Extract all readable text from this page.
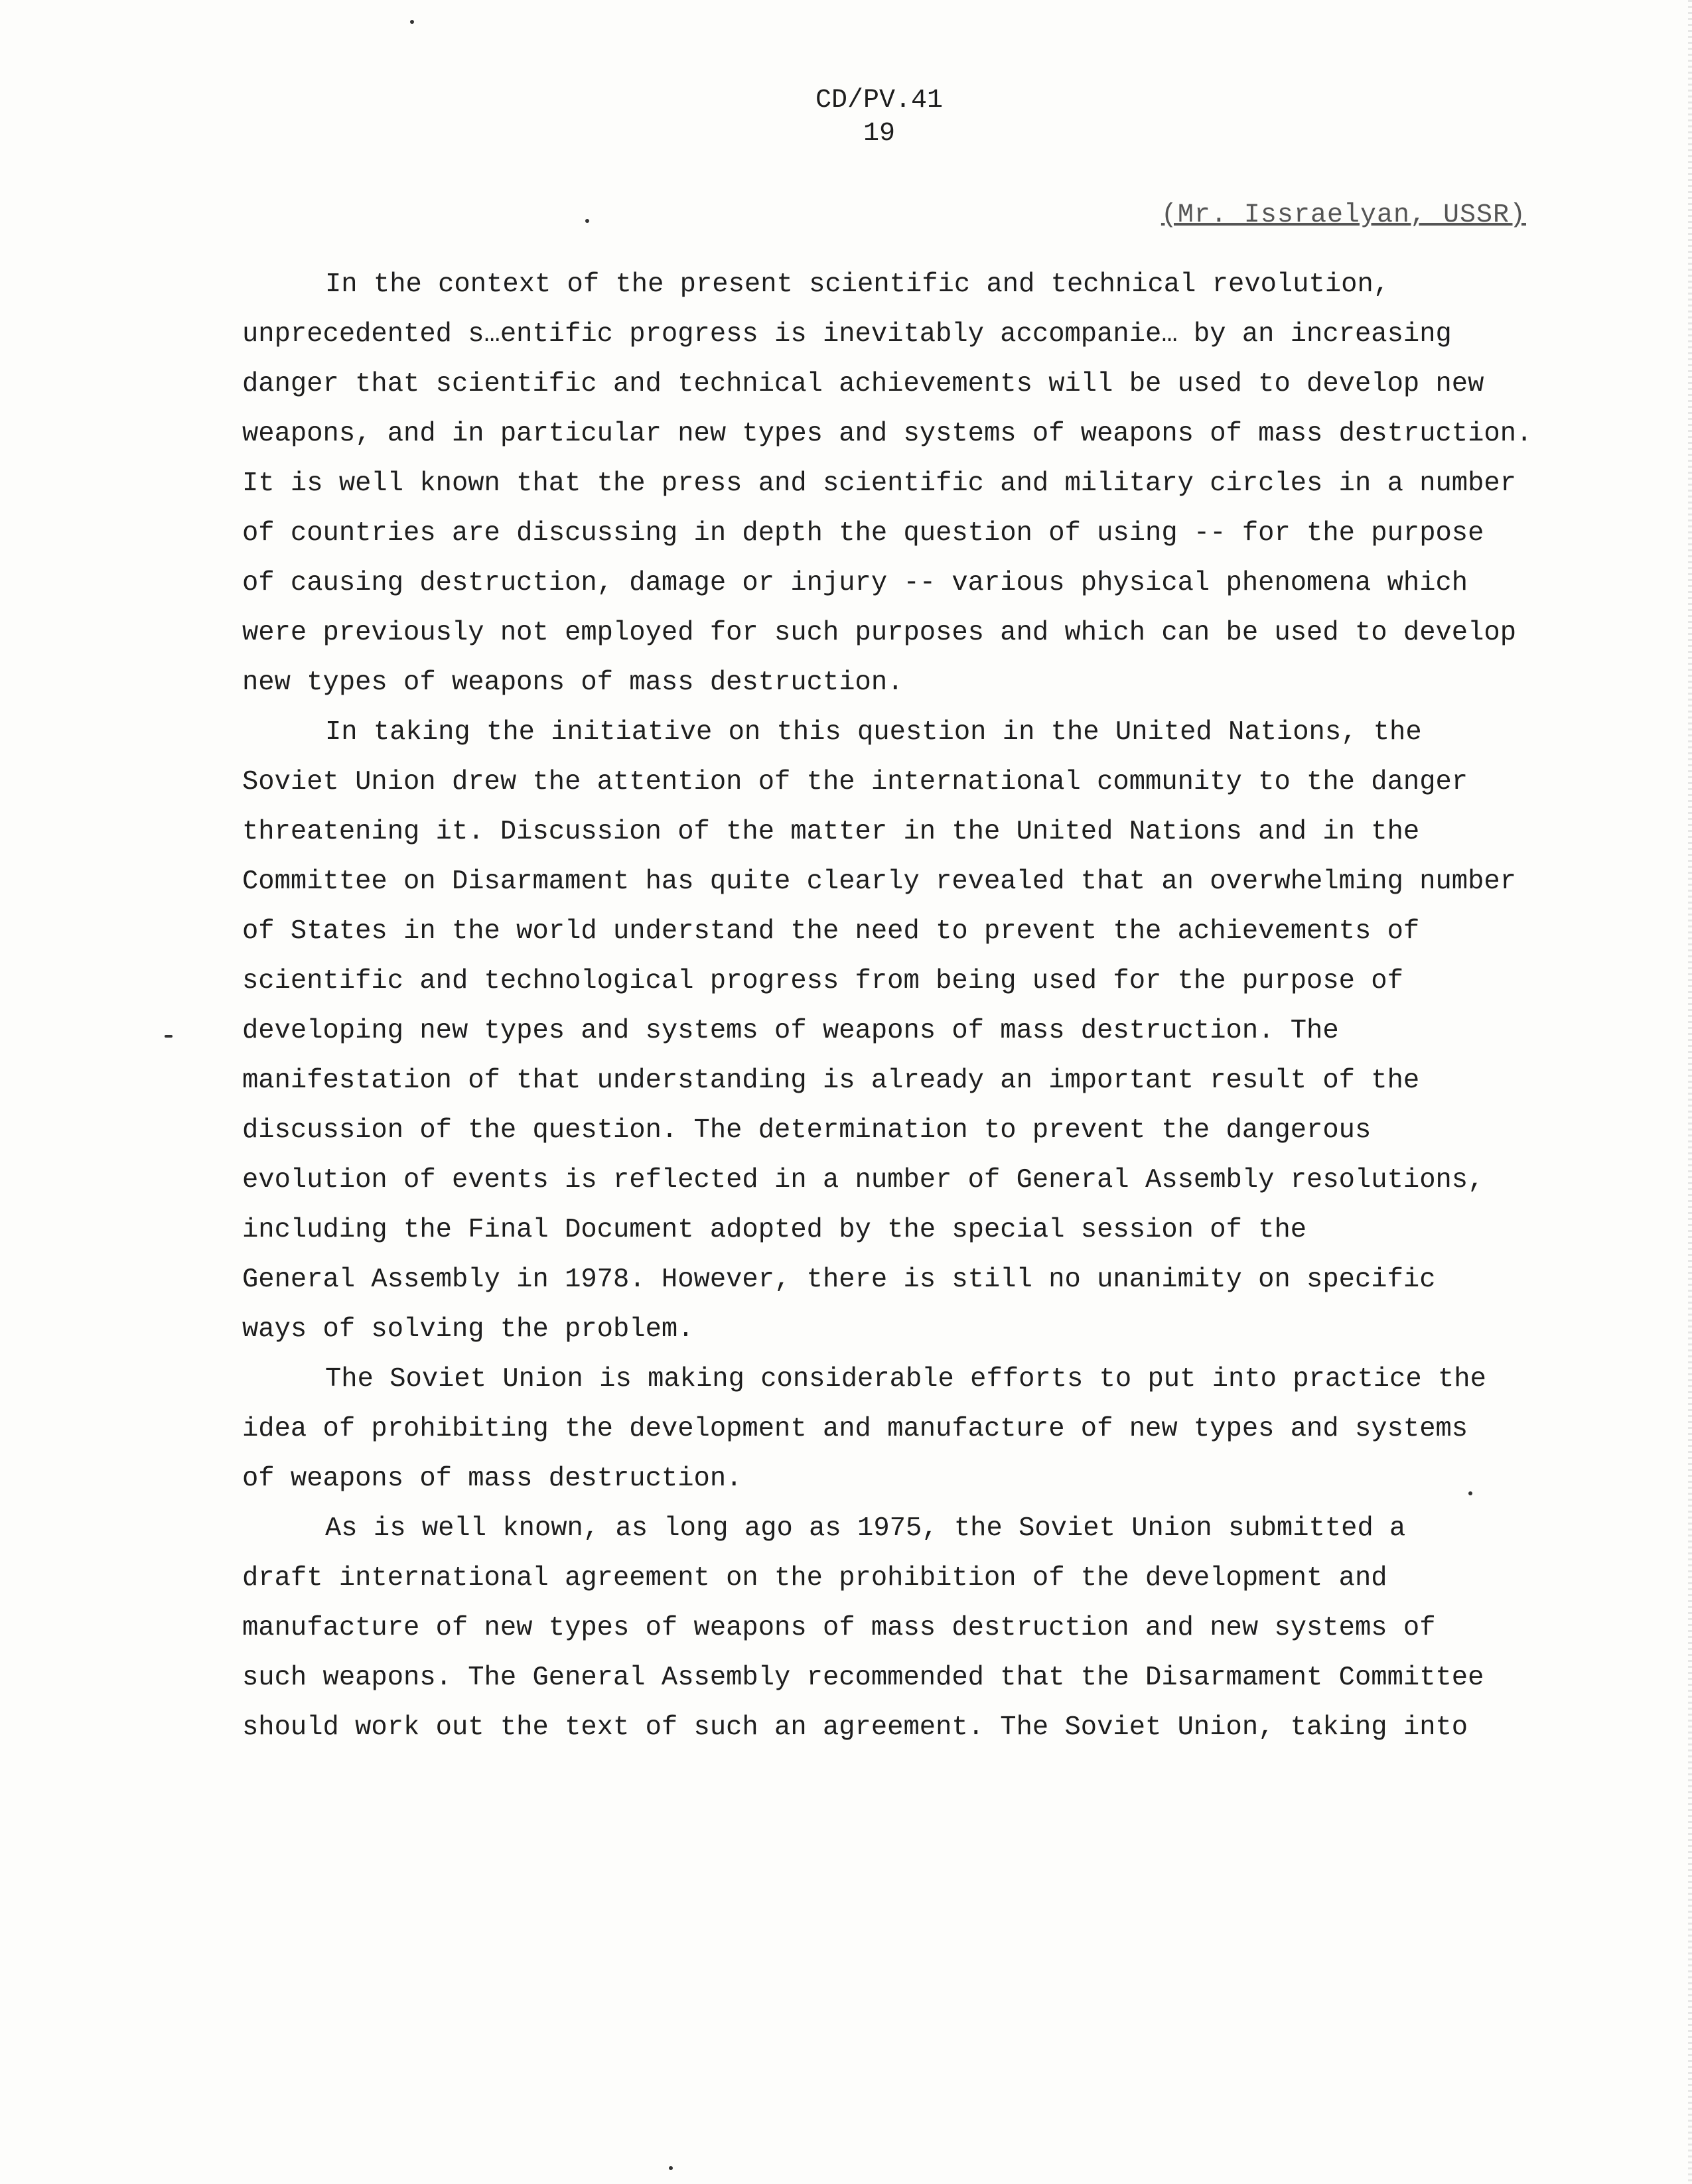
CD/PV.41
19
(Mr. Issraelyan, USSR)

In the context of the present scientific and technical revolution,
unprecedented s…entific progress is inevitably accompanie… by an increasing
danger that scientific and technical achievements will be used to develop new
weapons, and in particular new types and systems of weapons of mass destruction.
It is well known that the press and scientific and military circles in a number
of countries are discussing in depth the question of using -- for the purpose
of causing destruction, damage or injury -- various physical phenomena which
were previously not employed for such purposes and which can be used to develop
new types of weapons of mass destruction.

In taking the initiative on this question in the United Nations, the
Soviet Union drew the attention of the international community to the danger
threatening it. Discussion of the matter in the United Nations and in the
Committee on Disarmament has quite clearly revealed that an overwhelming number
of States in the world understand the need to prevent the achievements of
scientific and technological progress from being used for the purpose of
developing new types and systems of weapons of mass destruction. The
manifestation of that understanding is already an important result of the
discussion of the question. The determination to prevent the dangerous
evolution of events is reflected in a number of General Assembly resolutions,
including the Final Document adopted by the special session of the
General Assembly in 1978. However, there is still no unanimity on specific
ways of solving the problem.

The Soviet Union is making considerable efforts to put into practice the
idea of prohibiting the development and manufacture of new types and systems
of weapons of mass destruction.

As is well known, as long ago as 1975, the Soviet Union submitted a
draft international agreement on the prohibition of the development and
manufacture of new types of weapons of mass destruction and new systems of
such weapons. The General Assembly recommended that the Disarmament Committee
should work out the text of such an agreement. The Soviet Union, taking into
